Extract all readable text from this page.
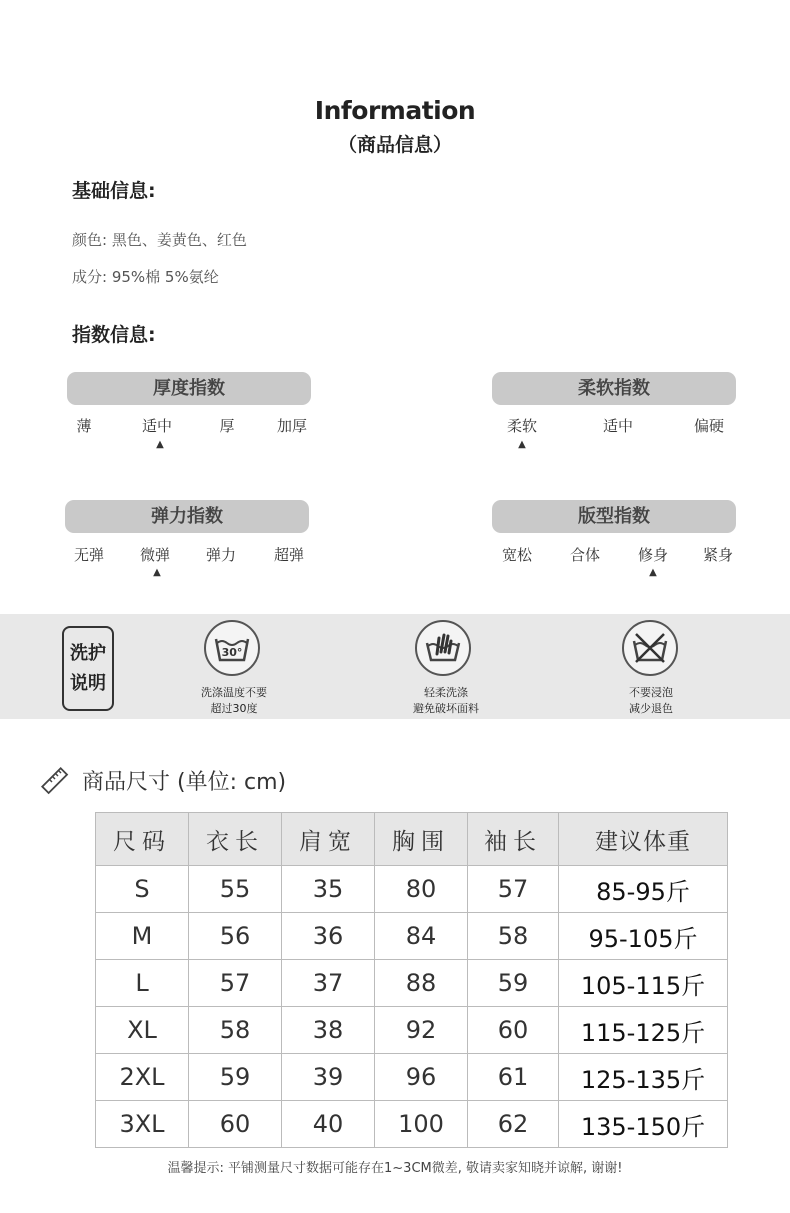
Information
（商品信息）
基础信息:
颜色: 黑色、姜黄色、红色
成分: 95%棉 5%氨纶
指数信息:
厚度指数
薄	适中	厚	加厚
▲
柔软指数
柔软	适中	偏硬
▲
弹力指数
无弹	微弹	弹力	超弹
▲
版型指数
宽松	合体	修身	紧身
▲
洗护
说明
30°
洗涤温度不要
超过30度
轻柔洗涤
避免破坏面料
不要浸泡
减少退色
商品尺寸 (单位: cm)
尺码	衣长	肩宽	胸围	袖长	建议体重
S	55	35	80	57	85-95斤
M	56	36	84	58	95-105斤
L	57	37	88	59	105-115斤
XL	58	38	92	60	115-125斤
2XL	59	39	96	61	125-135斤
3XL	60	40	100	62	135-150斤
温馨提示: 平铺测量尺寸数据可能存在1~3CM微差, 敬请卖家知晓并谅解, 谢谢!
